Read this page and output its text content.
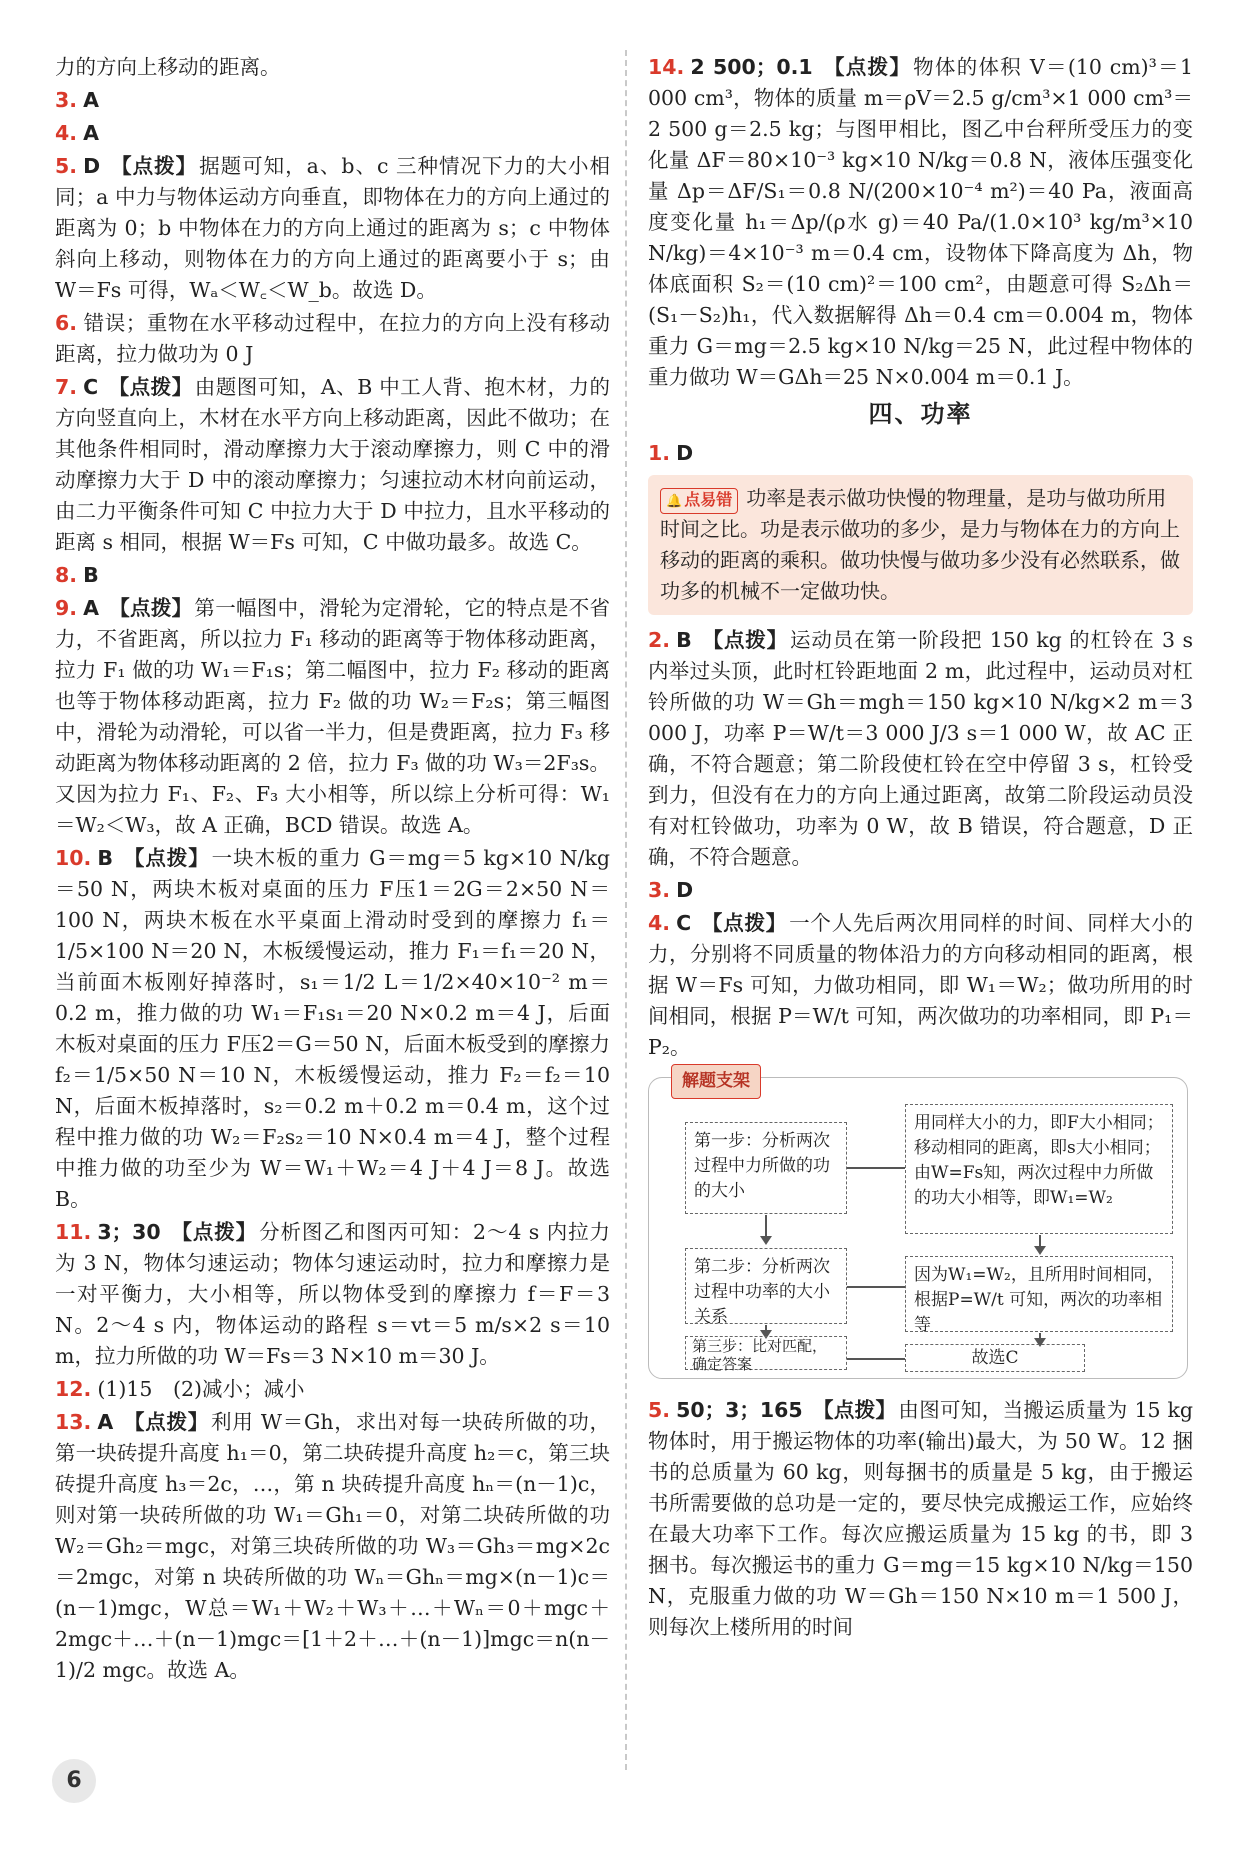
力的方向上移动的距离。
3. A
4. A
5. D 【点拨】据题可知，a、b、c 三种情况下力的大小相同；a 中力与物体运动方向垂直，即物体在力的方向上通过的距离为 0；b 中物体在力的方向上通过的距离为 s；c 中物体斜向上移动，则物体在力的方向上通过的距离要小于 s；由 W＝Fs 可得，Wₐ＜W꜀＜W_b。故选 D。
6. 错误；重物在水平移动过程中，在拉力的方向上没有移动距离，拉力做功为 0 J
7. C 【点拨】由题图可知，A、B 中工人背、抱木材，力的方向竖直向上，木材在水平方向上移动距离，因此不做功；在其他条件相同时，滑动摩擦力大于滚动摩擦力，则 C 中的滑动摩擦力大于 D 中的滚动摩擦力；匀速拉动木材向前运动，由二力平衡条件可知 C 中拉力大于 D 中拉力，且水平移动的距离 s 相同，根据 W＝Fs 可知，C 中做功最多。故选 C。
8. B
9. A 【点拨】第一幅图中，滑轮为定滑轮，它的特点是不省力，不省距离，所以拉力 F₁ 移动的距离等于物体移动距离，拉力 F₁ 做的功 W₁＝F₁s；第二幅图中，拉力 F₂ 移动的距离也等于物体移动距离，拉力 F₂ 做的功 W₂＝F₂s；第三幅图中，滑轮为动滑轮，可以省一半力，但是费距离，拉力 F₃ 移动距离为物体移动距离的 2 倍，拉力 F₃ 做的功 W₃＝2F₃s。又因为拉力 F₁、F₂、F₃ 大小相等，所以综上分析可得：W₁＝W₂＜W₃，故 A 正确，BCD 错误。故选 A。
10. B 【点拨】一块木板的重力 G＝mg＝5 kg×10 N/kg＝50 N，两块木板对桌面的压力 F压1＝2G＝2×50 N＝100 N，两块木板在水平桌面上滑动时受到的摩擦力 f₁＝1/5×100 N＝20 N，木板缓慢运动，推力 F₁＝f₁＝20 N，当前面木板刚好掉落时，s₁＝1/2 L＝1/2×40×10⁻² m＝0.2 m，推力做的功 W₁＝F₁s₁＝20 N×0.2 m＝4 J，后面木板对桌面的压力 F压2＝G＝50 N，后面木板受到的摩擦力 f₂＝1/5×50 N＝10 N，木板缓慢运动，推力 F₂＝f₂＝10 N，后面木板掉落时，s₂＝0.2 m＋0.2 m＝0.4 m，这个过程中推力做的功 W₂＝F₂s₂＝10 N×0.4 m＝4 J，整个过程中推力做的功至少为 W＝W₁＋W₂＝4 J＋4 J＝8 J。故选 B。
11. 3；30 【点拨】分析图乙和图丙可知：2～4 s 内拉力为 3 N，物体匀速运动；物体匀速运动时，拉力和摩擦力是一对平衡力，大小相等，所以物体受到的摩擦力 f＝F＝3 N。2～4 s 内，物体运动的路程 s＝vt＝5 m/s×2 s＝10 m，拉力所做的功 W＝Fs＝3 N×10 m＝30 J。
12. (1)15　(2)减小；减小
13. A 【点拨】利用 W＝Gh，求出对每一块砖所做的功，第一块砖提升高度 h₁＝0，第二块砖提升高度 h₂＝c，第三块砖提升高度 h₃＝2c，…，第 n 块砖提升高度 hₙ＝(n－1)c，则对第一块砖所做的功 W₁＝Gh₁＝0，对第二块砖所做的功 W₂＝Gh₂＝mgc，对第三块砖所做的功 W₃＝Gh₃＝mg×2c＝2mgc，对第 n 块砖所做的功 Wₙ＝Ghₙ＝mg×(n－1)c＝(n－1)mgc，W总＝W₁＋W₂＋W₃＋…＋Wₙ＝0＋mgc＋2mgc＋…＋(n－1)mgc＝[1＋2＋…＋(n－1)]mgc＝n(n－1)/2 mgc。故选 A。
14. 2 500；0.1 【点拨】物体的体积 V＝(10 cm)³＝1 000 cm³，物体的质量 m＝ρV＝2.5 g/cm³×1 000 cm³＝2 500 g＝2.5 kg；与图甲相比，图乙中台秤所受压力的变化量 ΔF＝80×10⁻³ kg×10 N/kg＝0.8 N，液体压强变化量 Δp＝ΔF/S₁＝0.8 N/(200×10⁻⁴ m²)＝40 Pa，液面高度变化量 h₁＝Δp/(ρ水 g)＝40 Pa/(1.0×10³ kg/m³×10 N/kg)＝4×10⁻³ m＝0.4 cm，设物体下降高度为 Δh，物体底面积 S₂＝(10 cm)²＝100 cm²，由题意可得 S₂Δh＝(S₁－S₂)h₁，代入数据解得 Δh＝0.4 cm＝0.004 m，物体重力 G＝mg＝2.5 kg×10 N/kg＝25 N，此过程中物体的重力做功 W＝GΔh＝25 N×0.004 m＝0.1 J。
四、功率
1. D
🔔 点易错 功率是表示做功快慢的物理量，是功与做功所用时间之比。功是表示做功的多少，是力与物体在力的方向上移动的距离的乘积。做功快慢与做功多少没有必然联系，做功多的机械不一定做功快。
2. B 【点拨】运动员在第一阶段把 150 kg 的杠铃在 3 s 内举过头顶，此时杠铃距地面 2 m，此过程中，运动员对杠铃所做的功 W＝Gh＝mgh＝150 kg×10 N/kg×2 m＝3 000 J，功率 P＝W/t＝3 000 J/3 s＝1 000 W，故 AC 正确，不符合题意；第二阶段使杠铃在空中停留 3 s，杠铃受到力，但没有在力的方向上通过距离，故第二阶段运动员没有对杠铃做功，功率为 0 W，故 B 错误，符合题意，D 正确，不符合题意。
3. D
4. C 【点拨】一个人先后两次用同样的时间、同样大小的力，分别将不同质量的物体沿力的方向移动相同的距离，根据 W＝Fs 可知，力做功相同，即 W₁＝W₂；做功所用的时间相同，根据 P＝W/t 可知，两次做功的功率相同，即 P₁＝P₂。
解题支架
第一步：分析两次过程中力所做的功的大小
用同样大小的力，即F大小相同；移动相同的距离，即s大小相同；由W=Fs知，两次过程中力所做的功大小相等，即W₁=W₂
第二步：分析两次过程中功率的大小关系
因为W₁=W₂，且所用时间相同，根据P=W/t 可知，两次的功率相等
第三步：比对匹配，确定答案	故选C
5. 50；3；165 【点拨】由图可知，当搬运质量为 15 kg 物体时，用于搬运物体的功率(输出)最大，为 50 W。12 捆书的总质量为 60 kg，则每捆书的质量是 5 kg，由于搬运书所需要做的总功是一定的，要尽快完成搬运工作，应始终在最大功率下工作。每次应搬运质量为 15 kg 的书，即 3 捆书。每次搬运书的重力 G＝mg＝15 kg×10 N/kg＝150 N，克服重力做的功 W＝Gh＝150 N×10 m＝1 500 J，则每次上楼所用的时间
6
